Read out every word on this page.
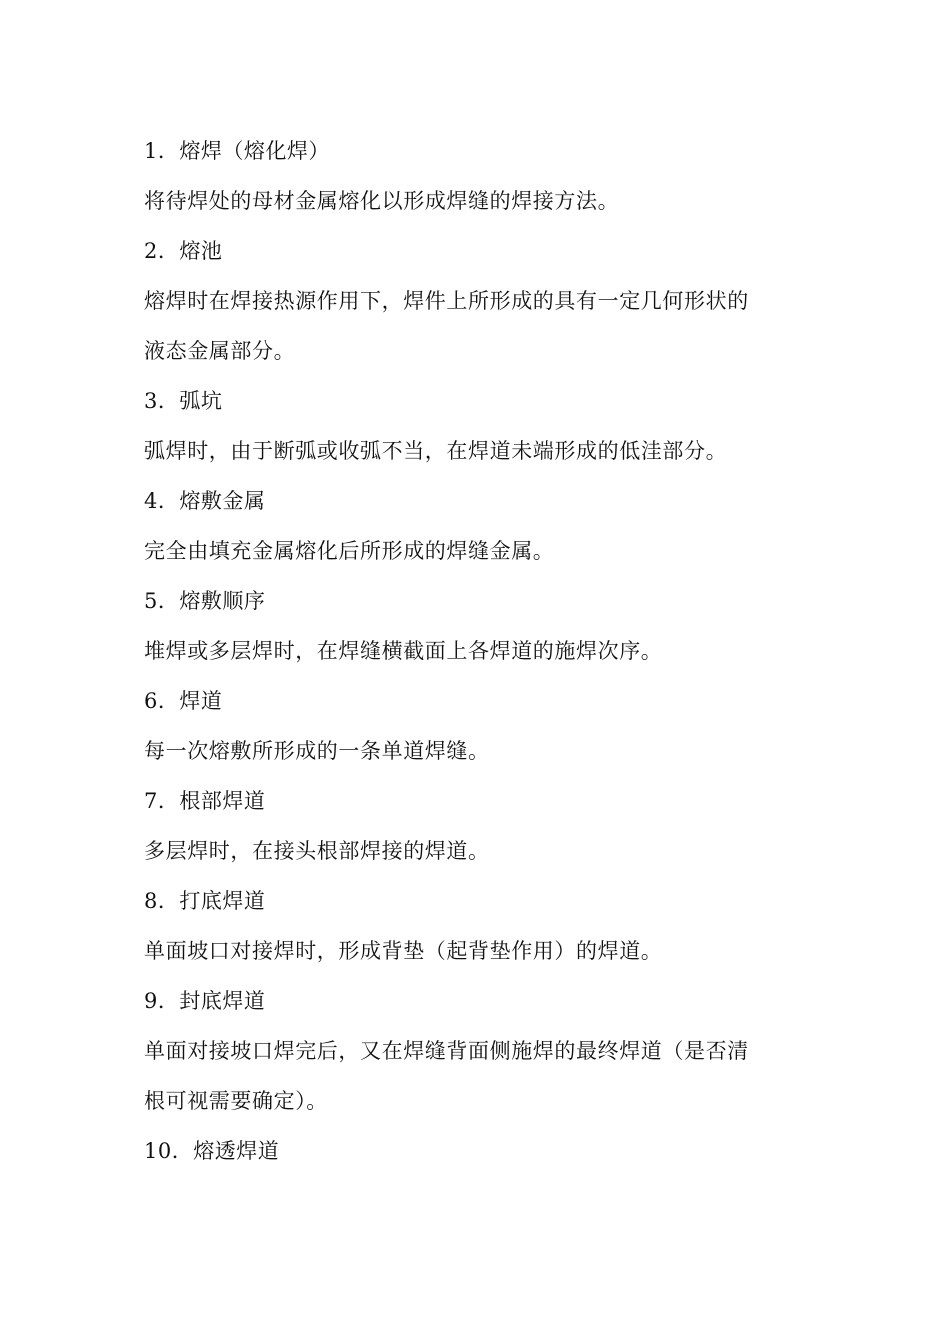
1．熔焊（熔化焊）
将待焊处的母材金属熔化以形成焊缝的焊接方法。
2．熔池
熔焊时在焊接热源作用下，焊件上所形成的具有一定几何形状的
液态金属部分。
3．弧坑
弧焊时，由于断弧或收弧不当，在焊道未端形成的低洼部分。
4．熔敷金属
完全由填充金属熔化后所形成的焊缝金属。
5．熔敷顺序
堆焊或多层焊时，在焊缝横截面上各焊道的施焊次序。
6．焊道
每一次熔敷所形成的一条单道焊缝。
7．根部焊道
多层焊时，在接头根部焊接的焊道。
8．打底焊道
单面坡口对接焊时，形成背垫（起背垫作用）的焊道。
9．封底焊道
单面对接坡口焊完后，又在焊缝背面侧施焊的最终焊道（是否清
根可视需要确定）。
10．熔透焊道
